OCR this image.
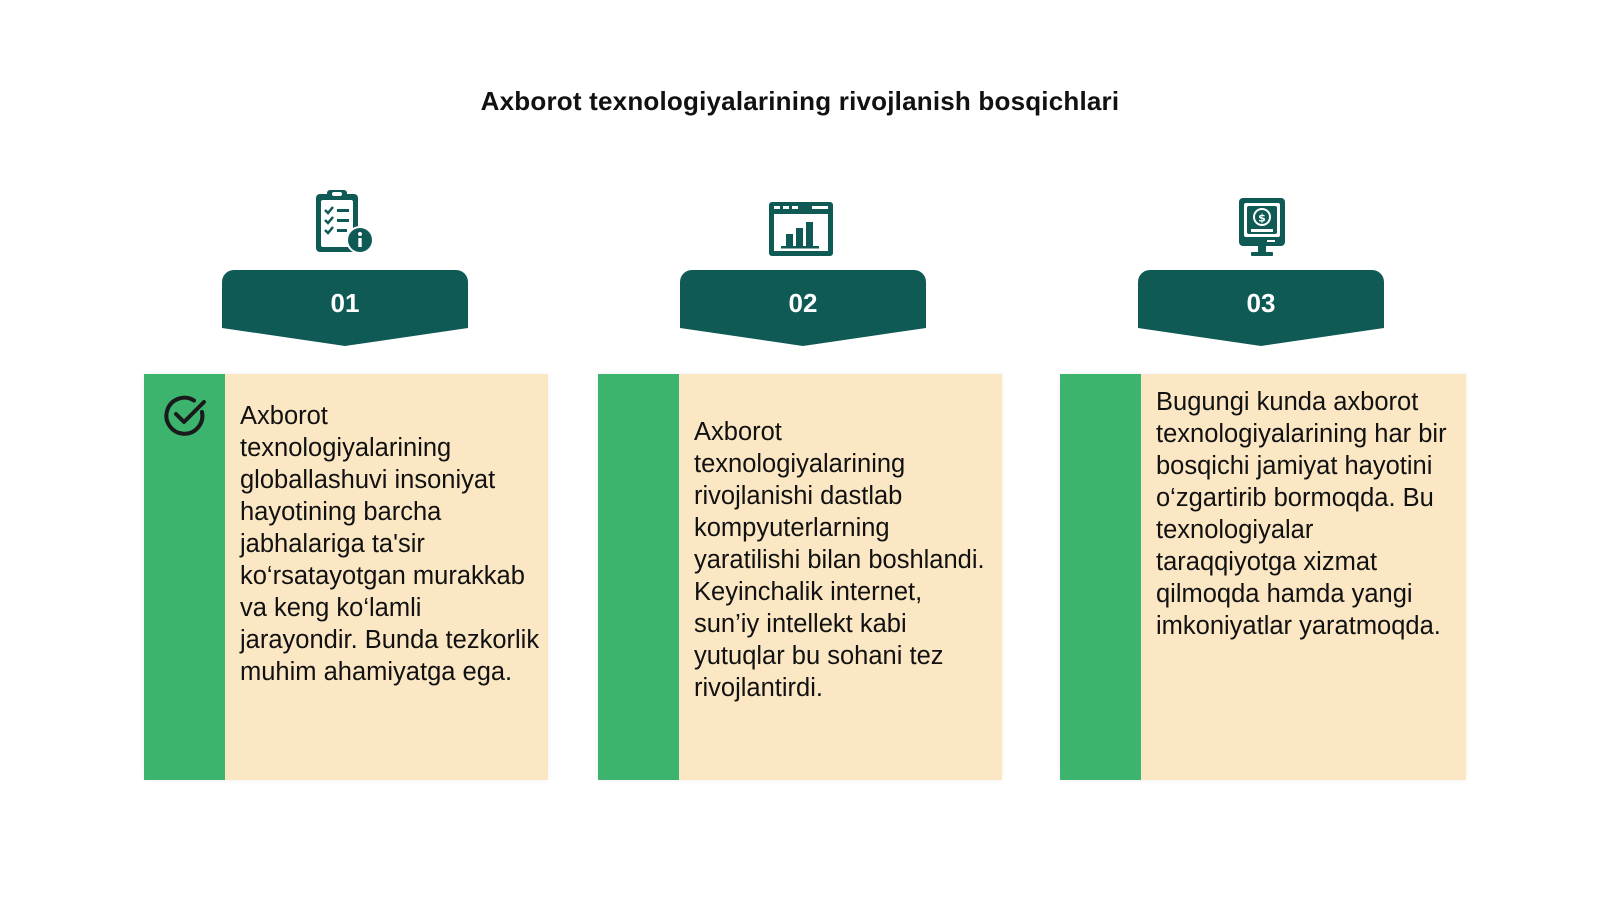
Axborot texnologiyalarining rivojlanish bosqichlari
01
Axborot texnologiyalarining globallashuvi insoniyat hayotining barcha jabhalariga ta'sir ko‘rsatayotgan murakkab va keng ko‘lamli jarayondir. Bunda tezkorlik muhim ahamiyatga ega.
02
Axborot texnologiyalarining rivojlanishi dastlab kompyuterlarning yaratilishi bilan boshlandi. Keyinchalik internet, sun’iy intellekt kabi yutuqlar bu sohani tez rivojlantirdi.
$
03
Bugungi kunda axborot texnologiyalarining har bir bosqichi jamiyat hayotini o‘zgartirib bormoqda. Bu texnologiyalar taraqqiyotga xizmat qilmoqda hamda yangi imkoniyatlar yaratmoqda.
